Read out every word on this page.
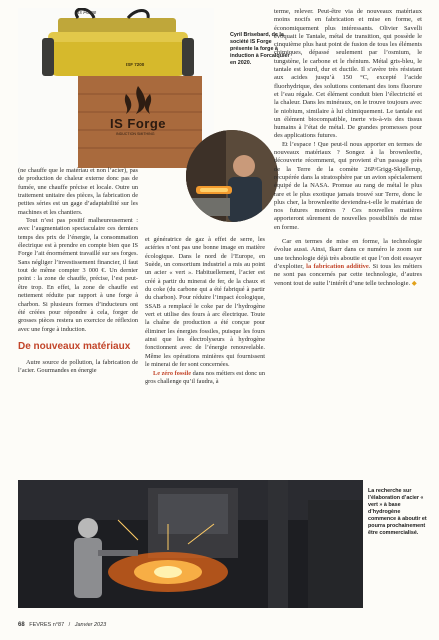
Is Forge
ISF 7200
IS Forge
INDUCTION SMITHING
Cyril Brisebard, de la société IS Forge présente la forge à induction à Forcalquier en 2020.

(ne chauffe que le matériau et non l’acier), pas de production de chaleur externe donc pas de fumée, une chauffe précise et locale. Outre un traitement unitaire des pièces, la fabrication de petites séries est un gage d’adaptabilité sur les machines et les chantiers.

Tout n’est pas positif malheureusement : avec l’augmentation spectaculaire ces derniers temps des prix de l’énergie, la consommation électrique est à prendre en compte bien que IS Forge l’ait énormément travaillé sur ses forges. Sans négliger l’investissement financier, il faut tout de même compter 3 000 €. Un dernier point : la zone de chauffe, précise, l’est peut-être trop. En effet, la zone de chauffe est nettement réduite par rapport à une forge à charbon. Si plusieurs formes d’inducteurs ont été créées pour répondre à cela, forger de grosses pièces restera un exercice de réflexion avec une forge à induction.

De nouveaux matériaux

Autre source de pollution, la fabrication de l’acier. Gourmandes en énergie

et génératrice de gaz à effet de serre, les aciéries n’ont pas une bonne image en matière écologique. Dans le nord de l’Europe, en Suède, un consortium industriel a mis au point un acier « vert ». Habituellement, l’acier est créé à partir du minerai de fer, de la chaux et du coke (du carbone qui a été fabriqué à partir du charbon). Pour réduire l’impact écologique, SSAB a remplacé le coke par de l’hydrogène vert et utilise des fours à arc électrique. Toute la chaîne de production a été conçue pour éliminer les énergies fossiles, puisque les fours ainsi que les électrolyseurs à hydrogène fonctionnent avec de l’énergie renouvelable. Même les opérations minières qui fournissent le minerai de fer sont concernées.

Le zéro fossile dans nos métiers est donc un gros challenge qu’il faudra, à

terme, relever. Peut-être via de nouveaux matériaux moins nocifs en fabrication et mise en forme, et économiquement plus intéressants. Olivier Savelli évoquait le Tantale, métal de transition, qui possède le cinquième plus haut point de fusion de tous les éléments chimiques, dépassé seulement par l’osmium, le tungstène, le carbone et le rhénium. Métal gris-bleu, le tantale est lourd, dur et ductile. Il s’avère très résistant aux acides jusqu’à 150 °C, excepté l’acide fluorhydrique, des solutions contenant des ions fluorure et l’eau régale. Cet élément conduit bien l’électricité et la chaleur. Dans les minéraux, on le trouve toujours avec le niobium, similaire à lui chimiquement. Le tantale est un élément biocompatible, inerte vis-à-vis des tissus humains à l’état de métal. De grandes promesses pour des applications futures.

Et l’espace ! Que peut-il nous apporter en termes de nouveaux matériaux ? Songez à la brownleeïte, découverte récemment, qui provient d’un passage près de la Terre de la comète 26P/Grigg-Skjellerup, récupérée dans la stratosphère par un avion spécialement équipé de la NASA. Promue au rang de métal le plus rare et le plus exotique jamais trouvé sur Terre, donc le plus cher, la brownleeïte deviendra-t-elle le matériau de nos futures montres ? Ces nouvelles matières apporteront sûrement de nouvelles possibilités de mise en forme.

Car en termes de mise en forme, la technologie évolue aussi. Ainsi, Ikarr dans ce numéro le zoom sur une technologie déjà très aboutie et que l’on doit essayer d’exploiter, la fabrication additive. Si tous les métiers ne sont pas concernés par cette technologie, d’autres venont tout de suite l’intérêt d’une telle technologie. ◆

La recherche sur l’élaboration d’acier « vert » à base d’hydrogène commence à aboutir et pourra prochainement être commercialisé.
68 FEVRES n°87 / Janvier 2023
